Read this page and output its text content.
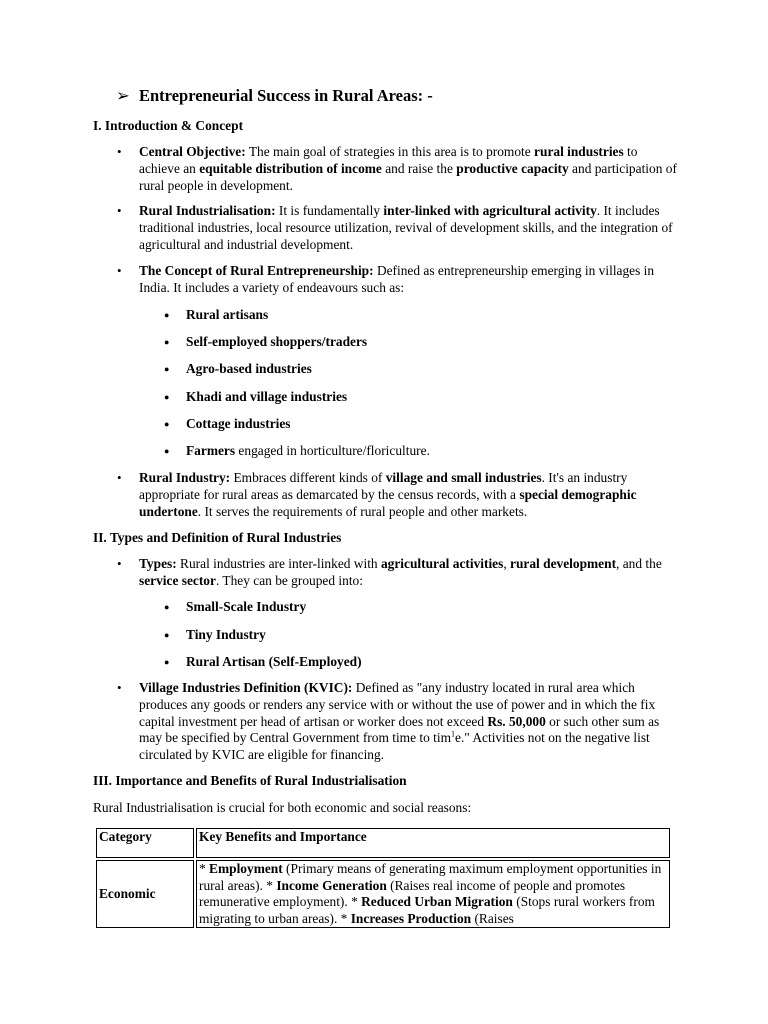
➢ Entrepreneurial Success in Rural Areas: -
I. Introduction & Concept
• Central Objective: The main goal of strategies in this area is to promote rural industries to achieve an equitable distribution of income and raise the productive capacity and participation of rural people in development.
• Rural Industrialisation: It is fundamentally inter-linked with agricultural activity. It includes traditional industries, local resource utilization, revival of development skills, and the integration of agricultural and industrial development.
• The Concept of Rural Entrepreneurship: Defined as entrepreneurship emerging in villages in India. It includes a variety of endeavours such as:
● Rural artisans
● Self-employed shoppers/traders
● Agro-based industries
● Khadi and village industries
● Cottage industries
● Farmers engaged in horticulture/floriculture.
• Rural Industry: Embraces different kinds of village and small industries. It's an industry appropriate for rural areas as demarcated by the census records, with a special demographic undertone. It serves the requirements of rural people and other markets.
II. Types and Definition of Rural Industries
• Types: Rural industries are inter-linked with agricultural activities, rural development, and the service sector. They can be grouped into:
● Small-Scale Industry
● Tiny Industry
● Rural Artisan (Self-Employed)
• Village Industries Definition (KVIC): Defined as "any industry located in rural area which produces any goods or renders any service with or without the use of power and in which the fix capital investment per head of artisan or worker does not exceed Rs. 50,000 or such other sum as may be specified by Central Government from time to tim$^1$e." Activities not on the negative list circulated by KVIC are eligible for financing.
III. Importance and Benefits of Rural Industrialisation
Rural Industrialisation is crucial for both economic and social reasons:
Category	Key Benefits and Importance
Economic	* Employment (Primary means of generating maximum employment opportunities in rural areas). * Income Generation (Raises real income of people and promotes remunerative employment). * Reduced Urban Migration (Stops rural workers from migrating to urban areas). * Increases Production (Raises
